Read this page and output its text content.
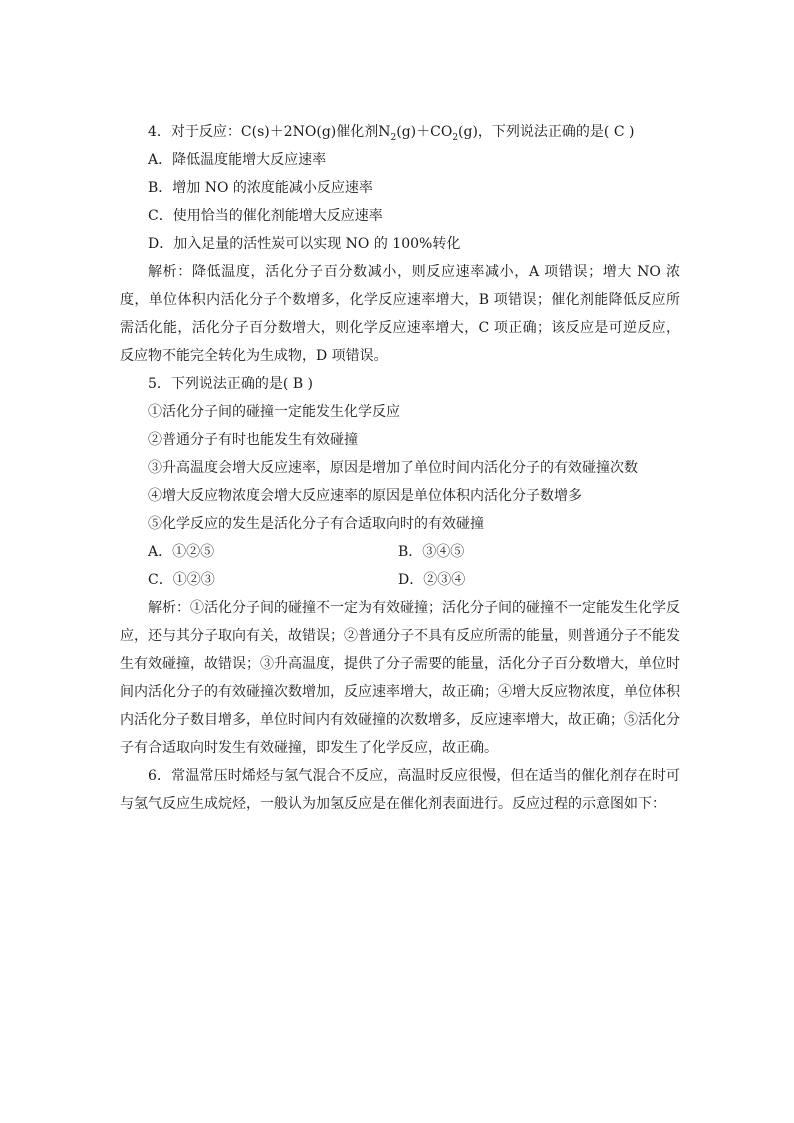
4．对于反应：C(s)＋2NO(g)催化剂$N_2(g)+CO_2(g)$，下列说法正确的是( C )

A．降低温度能增大反应速率

B．增加 NO 的浓度能减小反应速率

C．使用恰当的催化剂能增大反应速率

D．加入足量的活性炭可以实现 NO 的 100%转化

解析：降低温度，活化分子百分数减小，则反应速率减小，A 项错误；增大 NO 浓度，单位体积内活化分子个数增多，化学反应速率增大，B 项错误；催化剂能降低反应所需活化能，活化分子百分数增大，则化学反应速率增大，C 项正确；该反应是可逆反应，反应物不能完全转化为生成物，D 项错误。

5．下列说法正确的是( B )

①活化分子间的碰撞一定能发生化学反应

②普通分子有时也能发生有效碰撞

③升高温度会增大反应速率，原因是增加了单位时间内活化分子的有效碰撞次数

④增大反应物浓度会增大反应速率的原因是单位体积内活化分子数增多

⑤化学反应的发生是活化分子有合适取向时的有效碰撞

A．①②⑤	B．③④⑤
C．①②③	D．②③④

解析：①活化分子间的碰撞不一定为有效碰撞；活化分子间的碰撞不一定能发生化学反应，还与其分子取向有关，故错误；②普通分子不具有反应所需的能量，则普通分子不能发生有效碰撞，故错误；③升高温度，提供了分子需要的能量，活化分子百分数增大，单位时间内活化分子的有效碰撞次数增加，反应速率增大，故正确；④增大反应物浓度，单位体积内活化分子数目增多，单位时间内有效碰撞的次数增多，反应速率增大，故正确；⑤活化分子有合适取向时发生有效碰撞，即发生了化学反应，故正确。

6．常温常压时烯烃与氢气混合不反应，高温时反应很慢，但在适当的催化剂存在时可与氢气反应生成烷烃，一般认为加氢反应是在催化剂表面进行。反应过程的示意图如下：
